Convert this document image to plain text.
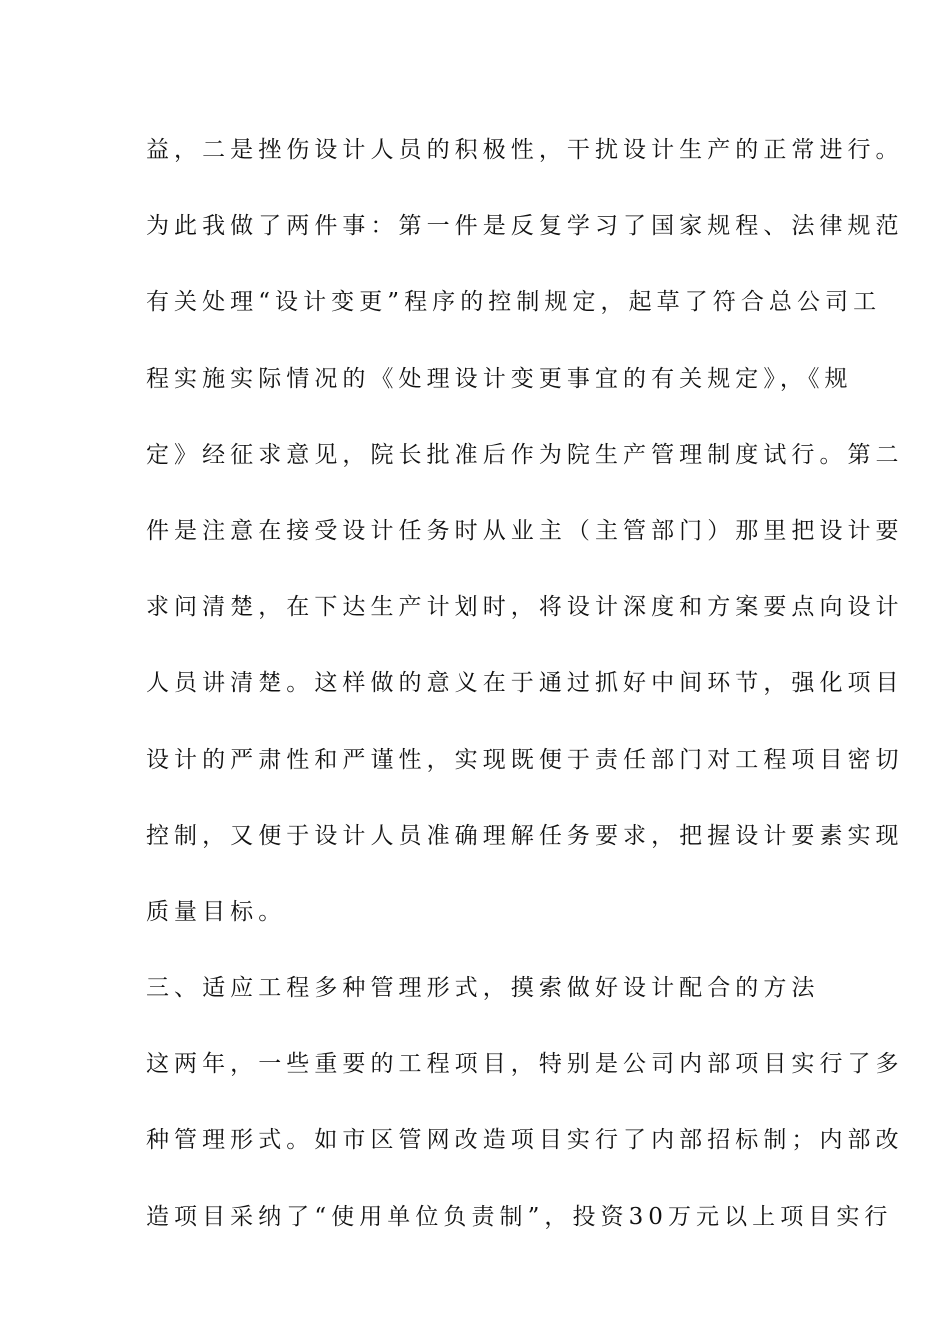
益，二是挫伤设计人员的积极性，干扰设计生产的正常进行。
为此我做了两件事：第一件是反复学习了国家规程、法律规范
有关处理“设计变更”程序的控制规定，起草了符合总公司工
程实施实际情况的《处理设计变更事宜的有关规定》，《规
定》经征求意见，院长批准后作为院生产管理制度试行。第二
件是注意在接受设计任务时从业主（主管部门）那里把设计要
求问清楚，在下达生产计划时，将设计深度和方案要点向设计
人员讲清楚。这样做的意义在于通过抓好中间环节，强化项目
设计的严肃性和严谨性，实现既便于责任部门对工程项目密切
控制，又便于设计人员准确理解任务要求，把握设计要素实现
质量目标。
三、适应工程多种管理形式，摸索做好设计配合的方法
这两年，一些重要的工程项目，特别是公司内部项目实行了多
种管理形式。如市区管网改造项目实行了内部招标制；内部改
造项目采纳了“使用单位负责制”，投资30万元以上项目实行
